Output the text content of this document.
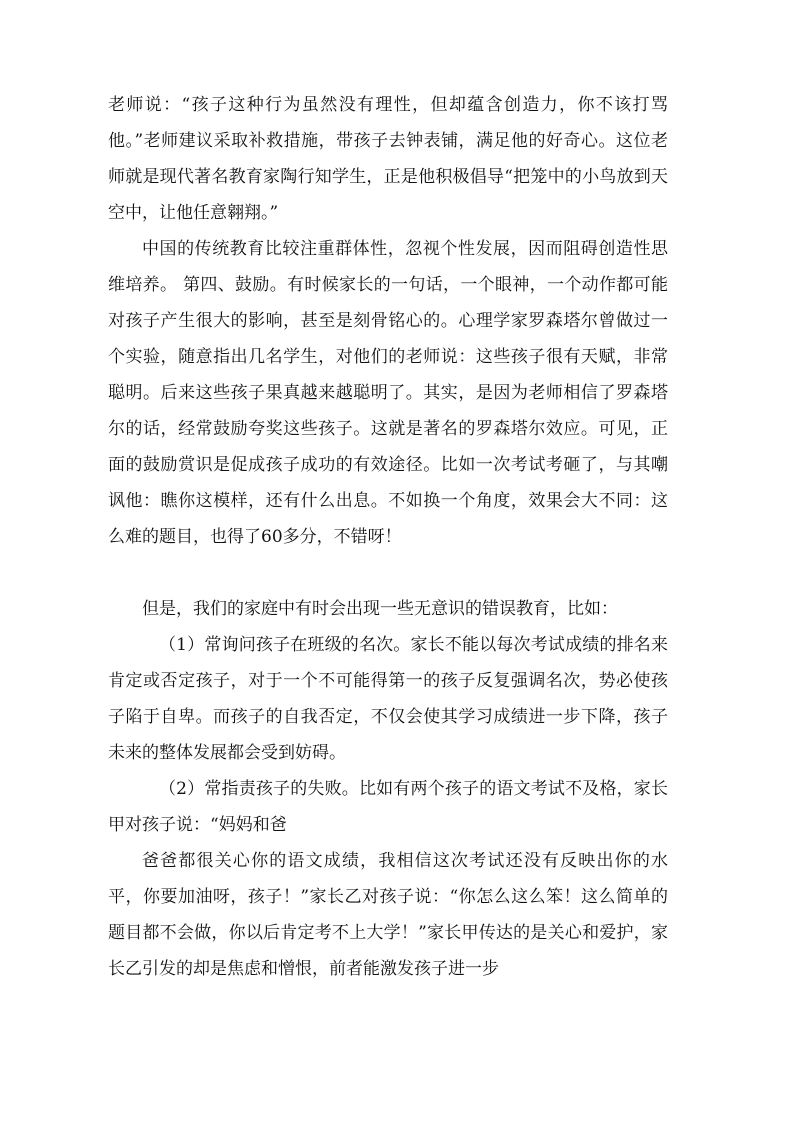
老师说：“孩子这种行为虽然没有理性，但却蕴含创造力，你不该打骂他。”老师建议采取补救措施，带孩子去钟表铺，满足他的好奇心。这位老师就是现代著名教育家陶行知学生，正是他积极倡导“把笼中的小鸟放到天空中，让他任意翱翔。”

中国的传统教育比较注重群体性，忽视个性发展，因而阻碍创造性思维培养。 第四、鼓励。有时候家长的一句话，一个眼神，一个动作都可能对孩子产生很大的影响，甚至是刻骨铭心的。心理学家罗森塔尔曾做过一个实验，随意指出几名学生，对他们的老师说：这些孩子很有天赋，非常聪明。后来这些孩子果真越来越聪明了。其实，是因为老师相信了罗森塔尔的话，经常鼓励夸奖这些孩子。这就是著名的罗森塔尔效应。可见，正面的鼓励赏识是促成孩子成功的有效途径。比如一次考试考砸了，与其嘲讽他：瞧你这模样，还有什么出息。不如换一个角度，效果会大不同：这么难的题目，也得了60多分，不错呀！

但是，我们的家庭中有时会出现一些无意识的错误教育，比如：

（1）常询问孩子在班级的名次。家长不能以每次考试成绩的排名来肯定或否定孩子，对于一个不可能得第一的孩子反复强调名次，势必使孩子陷于自卑。而孩子的自我否定，不仅会使其学习成绩进一步下降，孩子未来的整体发展都会受到妨碍。

（2）常指责孩子的失败。比如有两个孩子的语文考试不及格，家长甲对孩子说：“妈妈和爸

爸爸都很关心你的语文成绩，我相信这次考试还没有反映出你的水平，你要加油呀，孩子！”家长乙对孩子说：“你怎么这么笨！这么简单的题目都不会做，你以后肯定考不上大学！”家长甲传达的是关心和爱护，家长乙引发的却是焦虑和憎恨，前者能激发孩子进一步
